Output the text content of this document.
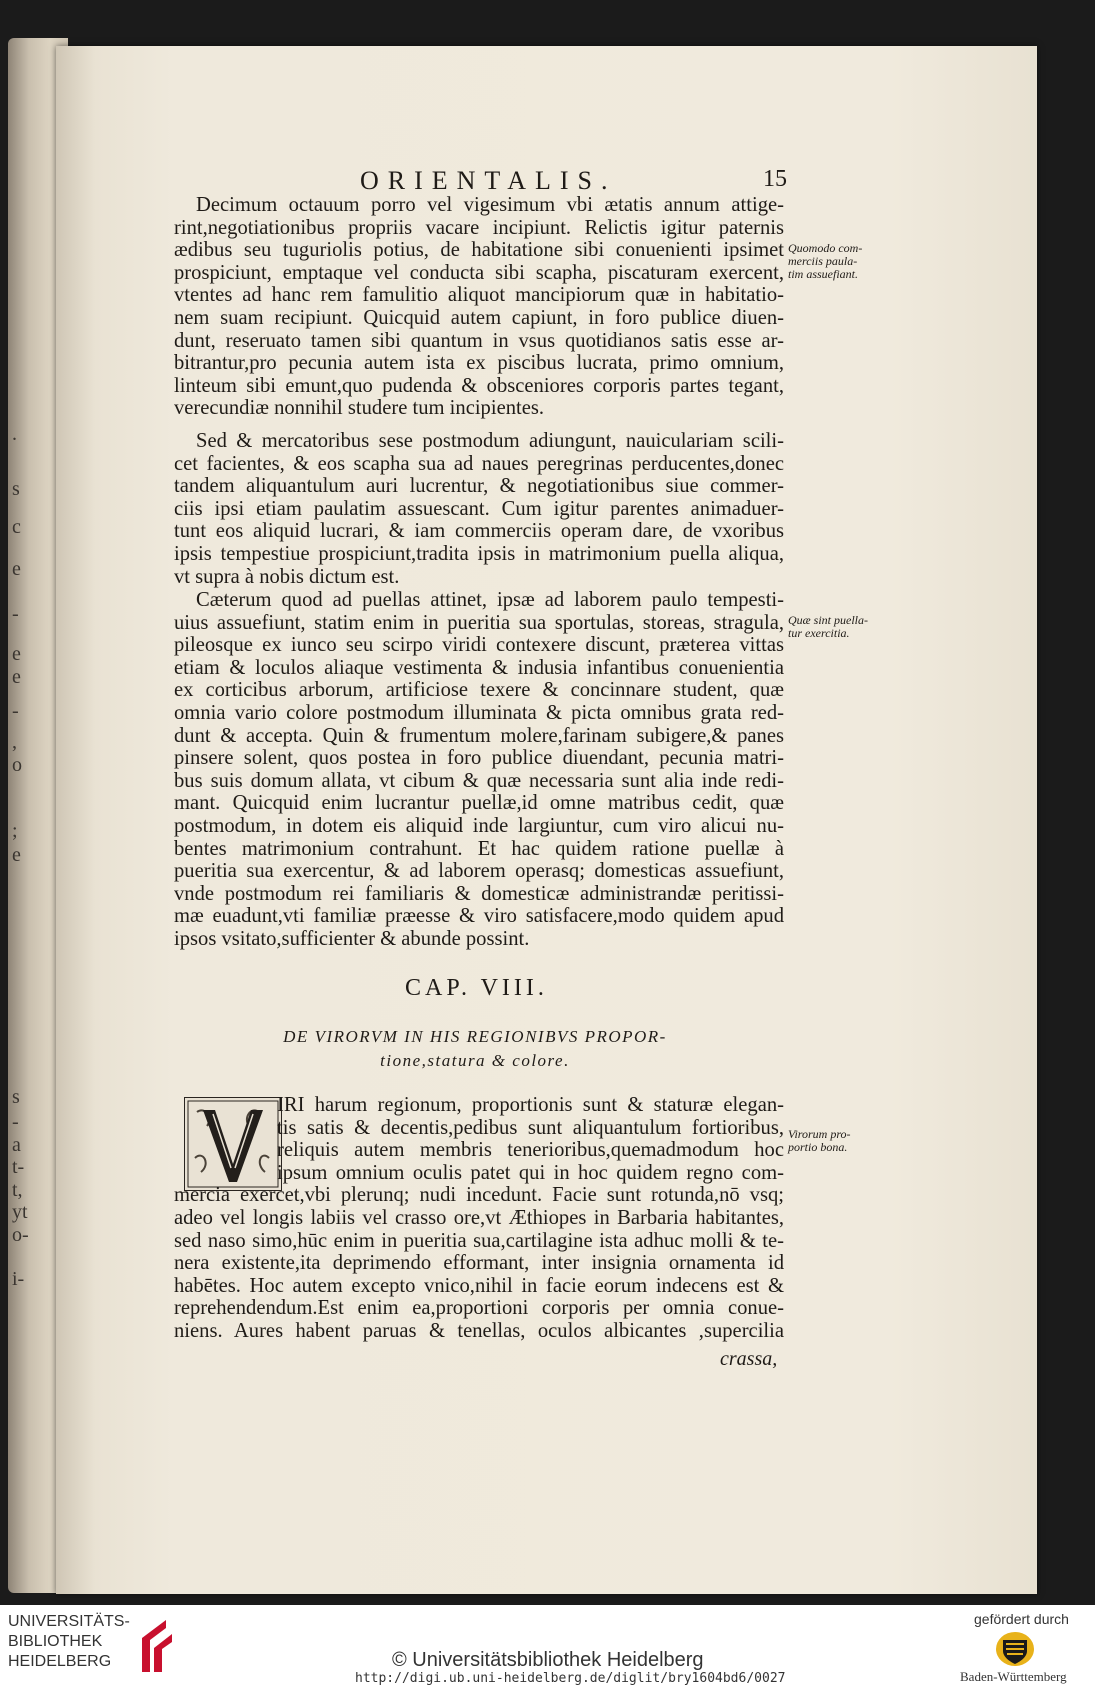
.
s
c
e
-
e
e
-
,
o
;
e
s
-
a
t-
t,
yt
o-
i-
ORIENTALIS.	15

Decimum octauum porro vel vigesimum vbi ætatis annum attige-
rint,negotiationibus propriis vacare incipiunt. Relictis igitur paternis
ædibus seu tuguriolis potius, de habitatione sibi conuenienti ipsimet
prospiciunt, emptaque vel conducta sibi scapha, piscaturam exercent,
vtentes ad hanc rem famulitio aliquot mancipiorum quæ in habitatio-
nem suam recipiunt. Quicquid autem capiunt, in foro publice diuen-
dunt, reseruato tamen sibi quantum in vsus quotidianos satis esse ar-
bitrantur,pro pecunia autem ista ex piscibus lucrata, primo omnium,
linteum sibi emunt,quo pudenda & obsceniores corporis partes tegant,
verecundiæ nonnihil studere tum incipientes.

Quomodo com-
merciis paula-
tim assuefiant.

Sed & mercatoribus sese postmodum adiungunt, nauiculariam scili-
cet facientes, & eos scapha sua ad naues peregrinas perducentes,donec
tandem aliquantulum auri lucrentur, & negotiationibus siue commer-
ciis ipsi etiam paulatim assuescant. Cum igitur parentes animaduer-
tunt eos aliquid lucrari, & iam commerciis operam dare, de vxoribus
ipsis tempestiue prospiciunt,tradita ipsis in matrimonium puella aliqua,
vt supra à nobis dictum est.

Cæterum quod ad puellas attinet, ipsæ ad laborem paulo tempesti-
uius assuefiunt, statim enim in pueritia sua sportulas, storeas, stragula,
pileosque ex iunco seu scirpo viridi contexere discunt, præterea vittas
etiam & loculos aliaque vestimenta & indusia infantibus conuenientia
ex corticibus arborum, artificiose texere & concinnare student, quæ
omnia vario colore postmodum illuminata & picta omnibus grata red-
dunt & accepta. Quin & frumentum molere,farinam subigere,& panes
pinsere solent, quos postea in foro publice diuendant, pecunia matri-
bus suis domum allata, vt cibum & quæ necessaria sunt alia inde redi-
mant. Quicquid enim lucrantur puellæ,id omne matribus cedit, quæ
postmodum, in dotem eis aliquid inde largiuntur, cum viro alicui nu-
bentes matrimonium contrahunt. Et hac quidem ratione puellæ à
pueritia sua exercentur, & ad laborem operasq; domesticas assuefiunt,
vnde postmodum rei familiaris & domesticæ administrandæ peritissi-
mæ euadunt,vti familiæ præesse & viro satisfacere,modo quidem apud
ipsos vsitato,sufficienter & abunde possint.

Quæ sint puella-
tur exercitia.
CAP. VIII.
DE VIRORVM IN HIS REGIONIBVS PROPOR-
tione,statura & colore.
Virorum pro-
portio bona.

IRI harum regionum, proportionis sunt & staturæ elegan-
tis satis & decentis,pedibus sunt aliquantulum fortioribus,
reliquis autem membris tenerioribus,quemadmodum hoc
ipsum omnium oculis patet qui in hoc quidem regno com-
mercia exercet,vbi plerunq; nudi incedunt. Facie sunt rotunda,nō vsq;
adeo vel longis labiis vel crasso ore,vt Æthiopes in Barbaria habitantes,
sed naso simo,hūc enim in pueritia sua,cartilagine ista adhuc molli & te-
nera existente,ita deprimendo efformant, inter insignia ornamenta id
habētes. Hoc autem excepto vnico,nihil in facie eorum indecens est &
reprehendendum.Est enim ea,proportioni corporis per omnia conue-
niens. Aures habent paruas & tenellas, oculos albicantes ,supercilia

crassa,
UNIVERSITÄTS-
BIBLIOTHEK
HEIDELBERG	© Universitätsbibliothek Heidelberg
http://digi.ub.uni-heidelberg.de/diglit/bry1604bd6/0027
gefördert durch
Baden-Württemberg
